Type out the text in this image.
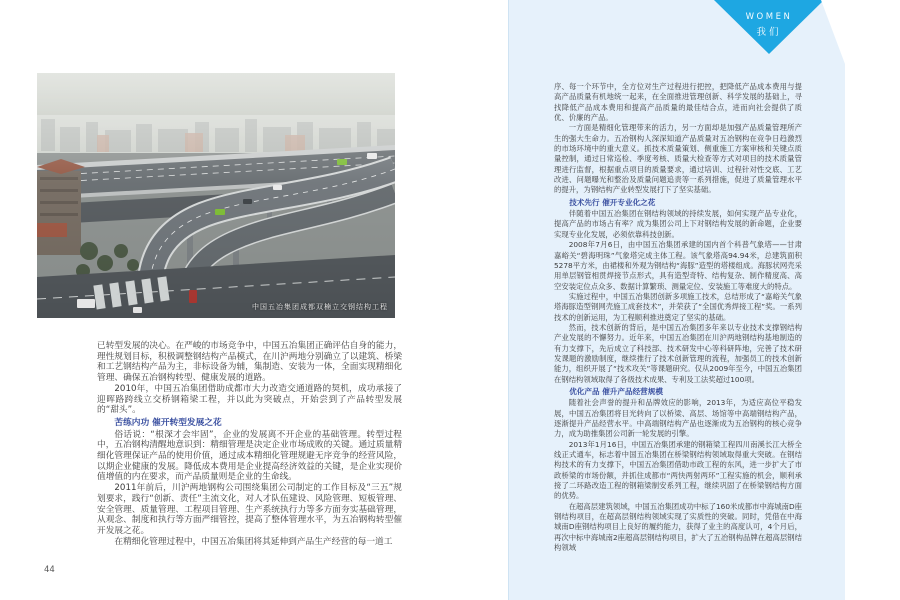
中国五冶集团成都双楠立交钢结构工程
已转型发展的决心。在严峻的市场竞争中，中国五冶集团正确评估自身的能力，理性规划目标，积极调整钢结构产品模式，在川沪两地分别确立了以建筑、桥梁和工艺钢结构产品为主，非标设备为辅，集制造、安装为一体，全面实现精细化管理、确保五冶钢构转型、健康发展的道路。
2010年，中国五冶集团借助成都市大力改造交通道路的契机，成功承接了迎晖路跨线立交桥钢箱梁工程，并以此为突破点，开始尝到了产品转型发展的“甜头”。
苦练内功 催开转型发展之花
俗话说：“根深才会牢固”，企业的发展离不开企业的基础管理。转型过程中，五冶钢构清醒地意识到：精细管理是决定企业市场成败的关键。通过质量精细化管理保证产品的使用价值，通过成本精细化管理规避无序竞争的经营风险，以期企业健康的发展。降低成本费用是企业提高经济效益的关键，是企业实现价值增值的内在要求，而产品质量则是企业的生命线。
2011年前后，川沪两地钢构公司围绕集团公司制定的工作目标及“三五”规划要求，践行“创新、责任”主流文化，对人才队伍建设、风险管理、短板管理、安全管理、质量管理、工程项目管理、生产系统执行力等多方面夯实基础管理，从观念、制度和执行等方面严细管控，提高了整体管理水平，为五冶钢构转型催开发展之花。
在精细化管理过程中，中国五冶集团将其延伸到产品生产经营的每一道工
44
WOMEN
我们
序、每一个环节中，全方位对生产过程进行把控，把降低产品成本费用与提高产品质量有机地统一起来，在全面推进管理创新、科学发展的基础上，寻找降低产品成本费用和提高产品质量的最佳结合点，进而向社会提供了质优、价廉的产品。
一方面是精细化管理带来的活力，另一方面却是加强产品质量管理所产生的强大生命力。五冶钢构人深深知道产品质量对五冶钢构在竞争日趋激烈的市场环境中的重大意义。抓技术质量策划、侧重施工方案审核和关键点质量控制，通过日常巡检、季度考核、质量大检查等方式对项目的技术质量管理进行监督，根据重点项目的质量要求，通过培训、过程针对性交底、工艺改进、问题曝光和整治及质量问题追责等一系列措施，促进了质量管理水平的提升，为钢结构产业转型发展打下了坚实基础。
技术先行 催开专业化之花
伴随着中国五冶集团在钢结构领域的持续发展，如何实现产品专业化，提高产品的市场占有率？成为集团公司上下对钢结构发展的新命题，企业要实现专业化发展，必须依靠科技创新。
2008年7月6日，由中国五冶集团承建的国内首个科普气象塔——甘肃嘉峪关“碧海明珠”气象塔完成主体工程。该气象塔高94.94米，总建筑面积5278平方米，由裙楼和外观为钢结构“海豚”造型的塔楼组成。海豚状网壳采用单层钢管相贯焊接节点形式，具有造型奇特、结构复杂、制作精度高、高空安装定位点众多、数据计算繁琐、测量定位、安装施工等难度大的特点。
实施过程中，中国五冶集团创新多项施工技术，总结形成了“嘉峪关气象塔海豚造型钢网壳施工成套技术”，并荣获了“全国优秀焊接工程”奖。一系列技术的创新运用，为工程顺利推进奠定了坚实的基础。
然而，技术创新的背后，是中国五冶集团多年来以专业技术支撑钢结构产业发展的不懈努力。近年来，中国五冶集团在川沪两地钢结构基地制造的有力支撑下，先后成立了科技部、技术研发中心等科研阵地，完善了技术研发课题的激励制度，继续推行了技术创新管理的流程，加强员工的技术创新能力，组织开展了“技术攻关”等课题研究。仅从2009年至今，中国五冶集团在钢结构领域取得了各级技术成果、专利及工法奖超过100项。
优化产品 催升产品经营规模
随着社会声誉的提升和品牌效应的影响，2013年，为适应高位平稳发展，中国五冶集团将目光转向了以桥梁、高层、场馆等中高端钢结构产品，逐渐提升产品经营水平。中高端钢结构产品也逐渐成为五冶钢构的核心竞争力，成为助推集团公司新一轮发展的引擎。
2013年1月16日，中国五冶集团承建的钢箱梁工程四川南溪长江大桥全线正式通车，标志着中国五冶集团在桥梁钢结构领域取得重大突破。在钢结构技术的有力支撑下，中国五冶集团借助市政工程的东风，进一步扩大了市政桥梁的市场份额，并抓住成都市“两快两射两环”工程实施的机会，顺利承接了二环路改造工程的钢箱梁制安系列工程，继续巩固了在桥梁钢结构方面的优势。
在超高层建筑领域，中国五冶集团成功中标了160米成都市中海城南D座钢结构项目，在超高层钢结构领域实现了实质性的突破。同时，凭借在中海城南D座钢结构项目上良好的履约能力，获得了业主的高度认可，4个月后，再次中标中海城南2座超高层钢结构项目，扩大了五冶钢构品牌在超高层钢结构领域
